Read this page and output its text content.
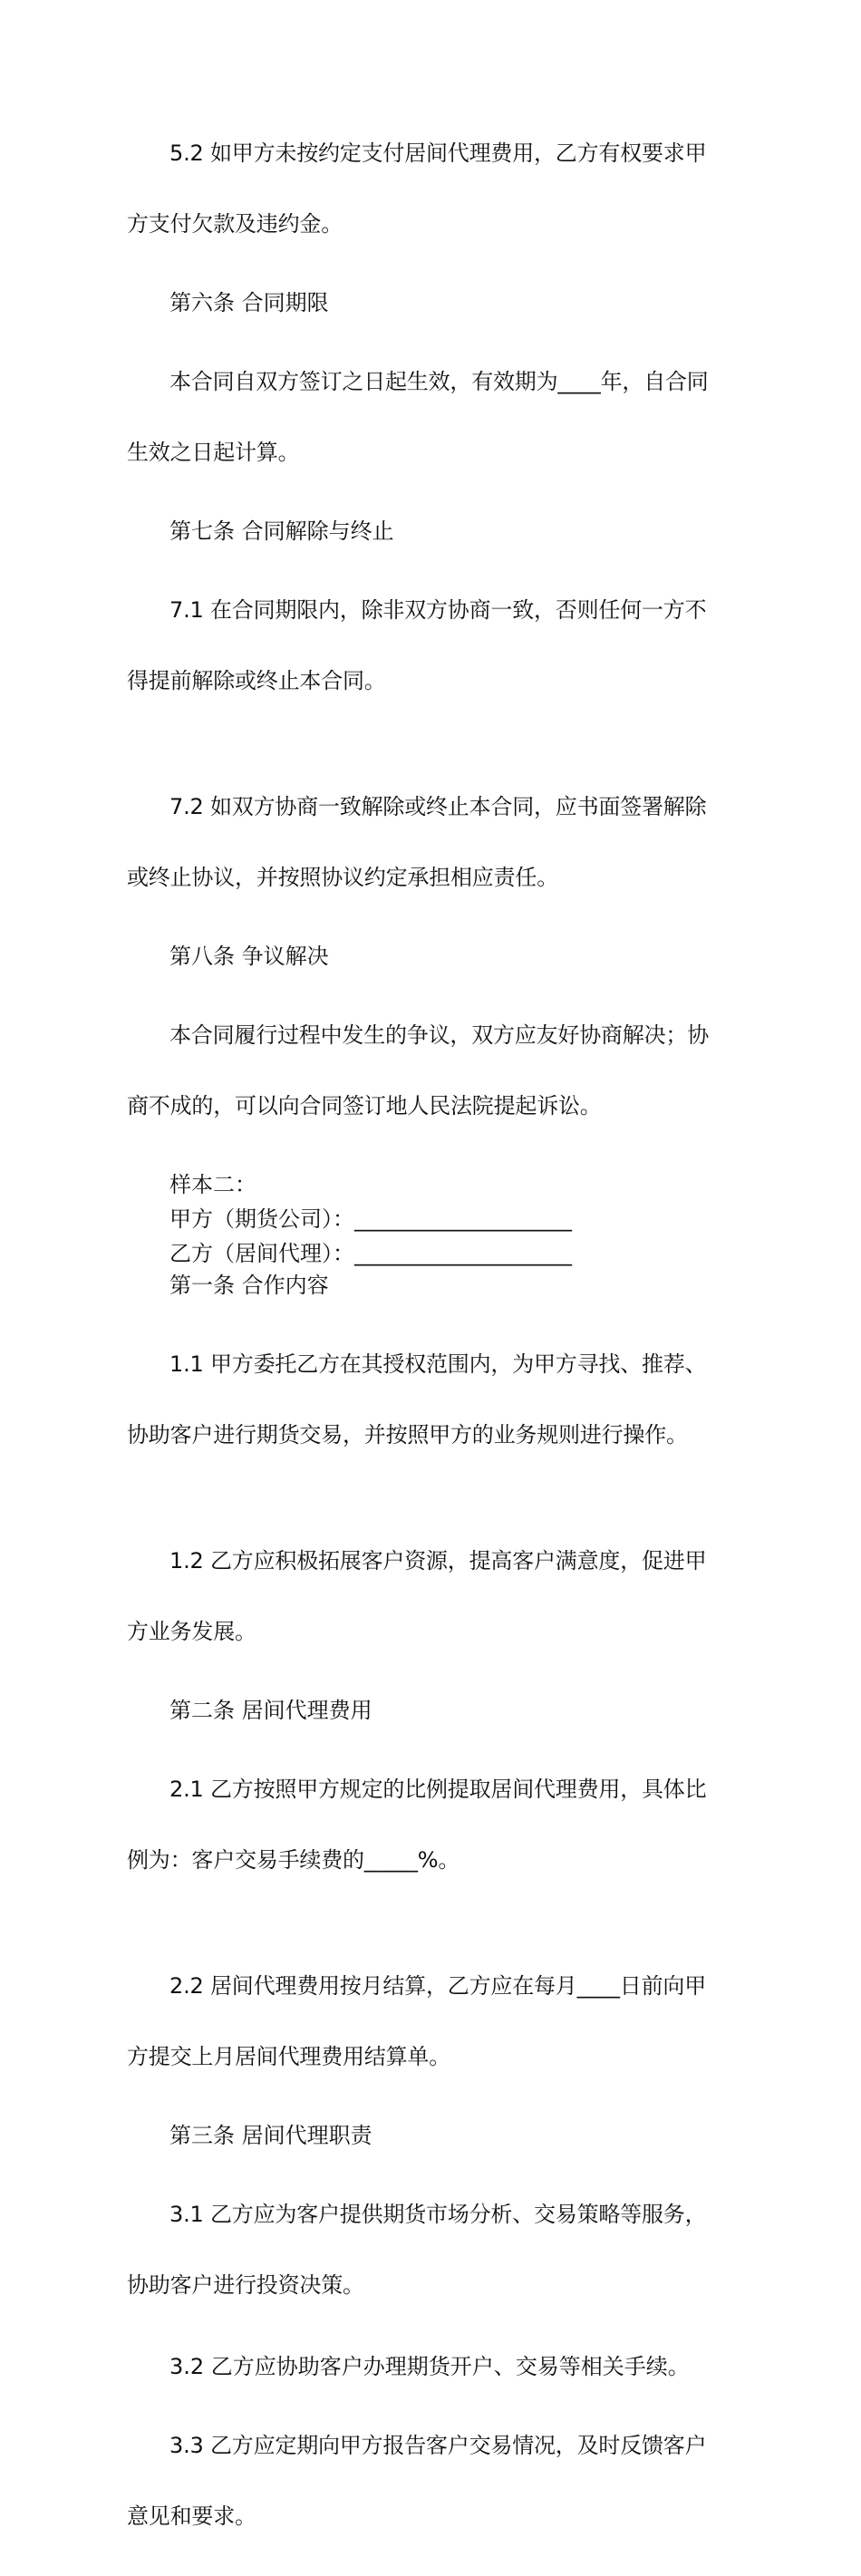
5.2 如甲方未按约定支付居间代理费用，乙方有权要求甲

方支付欠款及违约金。

第六条 合同期限

本合同自双方签订之日起生效，有效期为____年，自合同

生效之日起计算。

第七条 合同解除与终止

7.1 在合同期限内，除非双方协商一致，否则任何一方不

得提前解除或终止本合同。

7.2 如双方协商一致解除或终止本合同，应书面签署解除

或终止协议，并按照协议约定承担相应责任。

第八条 争议解决

本合同履行过程中发生的争议，双方应友好协商解决；协

商不成的，可以向合同签订地人民法院提起诉讼。

样本二：

甲方（期货公司）：____________________

乙方（居间代理）：____________________

第一条 合作内容

1.1 甲方委托乙方在其授权范围内，为甲方寻找、推荐、

协助客户进行期货交易，并按照甲方的业务规则进行操作。

1.2 乙方应积极拓展客户资源，提高客户满意度，促进甲

方业务发展。

第二条 居间代理费用

2.1 乙方按照甲方规定的比例提取居间代理费用，具体比

例为：客户交易手续费的_____%。

2.2 居间代理费用按月结算，乙方应在每月____日前向甲

方提交上月居间代理费用结算单。

第三条 居间代理职责

3.1 乙方应为客户提供期货市场分析、交易策略等服务，

协助客户进行投资决策。

3.2 乙方应协助客户办理期货开户、交易等相关手续。

3.3 乙方应定期向甲方报告客户交易情况，及时反馈客户

意见和要求。
